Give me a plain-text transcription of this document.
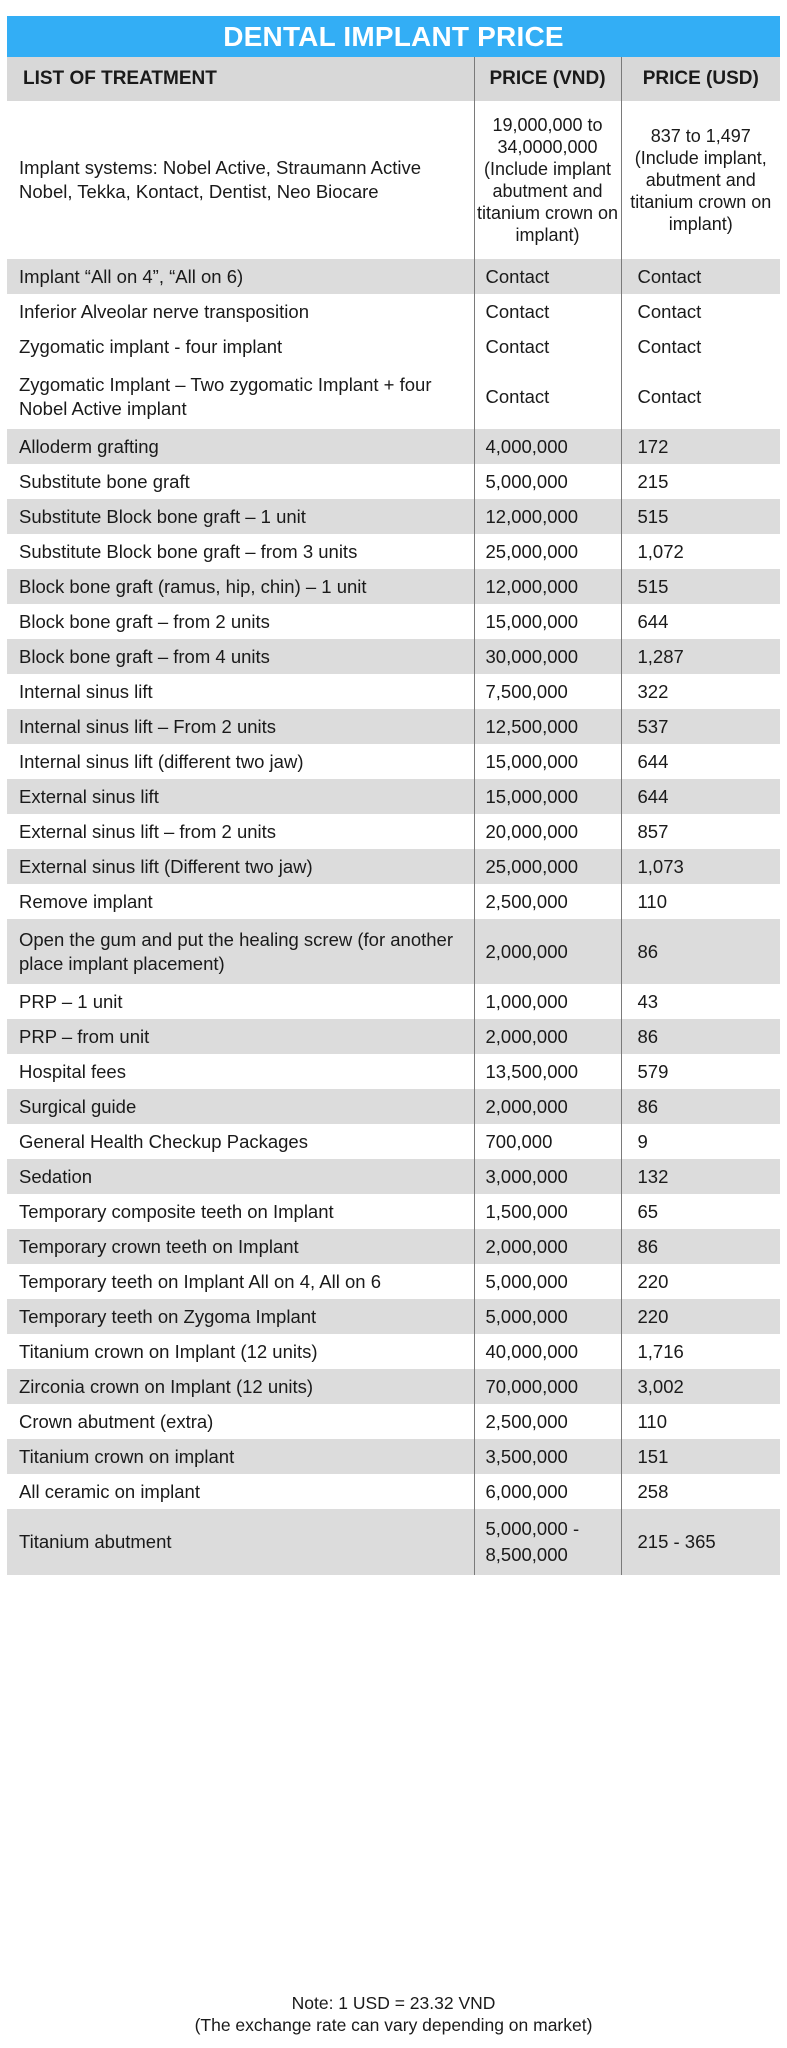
DENTAL IMPLANT PRICE
LIST OF TREATMENT	PRICE (VND)	PRICE (USD)
Implant systems: Nobel Active, Straumann Active Nobel, Tekka, Kontact, Dentist, Neo Biocare	19,000,000 to 34,0000,000 (Include implant abutment and titanium crown on implant)	837 to 1,497 (Include implant, abutment and titanium crown on implant)
Implant “All on 4”, “All on 6)	Contact	Contact
Inferior Alveolar nerve transposition	Contact	Contact
Zygomatic implant - four implant	Contact	Contact
Zygomatic Implant – Two zygomatic Implant + four Nobel Active implant	Contact	Contact
Alloderm grafting	4,000,000	172
Substitute bone graft	5,000,000	215
Substitute Block bone graft – 1 unit	12,000,000	515
Substitute Block bone graft – from 3 units	25,000,000	1,072
Block bone graft (ramus, hip, chin) – 1 unit	12,000,000	515
Block bone graft – from 2 units	15,000,000	644
Block bone graft – from 4 units	30,000,000	1,287
Internal sinus lift	7,500,000	322
Internal sinus lift – From 2 units	12,500,000	537
Internal sinus lift (different two jaw)	15,000,000	644
External sinus lift	15,000,000	644
External sinus lift – from 2 units	20,000,000	857
External sinus lift (Different two jaw)	25,000,000	1,073
Remove implant	2,500,000	110
Open the gum and put the healing screw (for another place implant placement)	2,000,000	86
PRP – 1 unit	1,000,000	43
PRP – from unit	2,000,000	86
Hospital fees	13,500,000	579
Surgical guide	2,000,000	86
General Health Checkup Packages	700,000	9
Sedation	3,000,000	132
Temporary composite teeth on Implant	1,500,000	65
Temporary crown teeth on Implant	2,000,000	86
Temporary teeth on Implant All on 4, All on 6	5,000,000	220
Temporary teeth on Zygoma Implant	5,000,000	220
Titanium crown on Implant (12 units)	40,000,000	1,716
Zirconia crown on Implant (12 units)	70,000,000	3,002
Crown abutment (extra)	2,500,000	110
Titanium crown on implant	3,500,000	151
All ceramic on implant	6,000,000	258
Titanium abutment	5,000,000 - 8,500,000	215 - 365
Note: 1 USD = 23.32 VND
(The exchange rate can vary depending on market)
